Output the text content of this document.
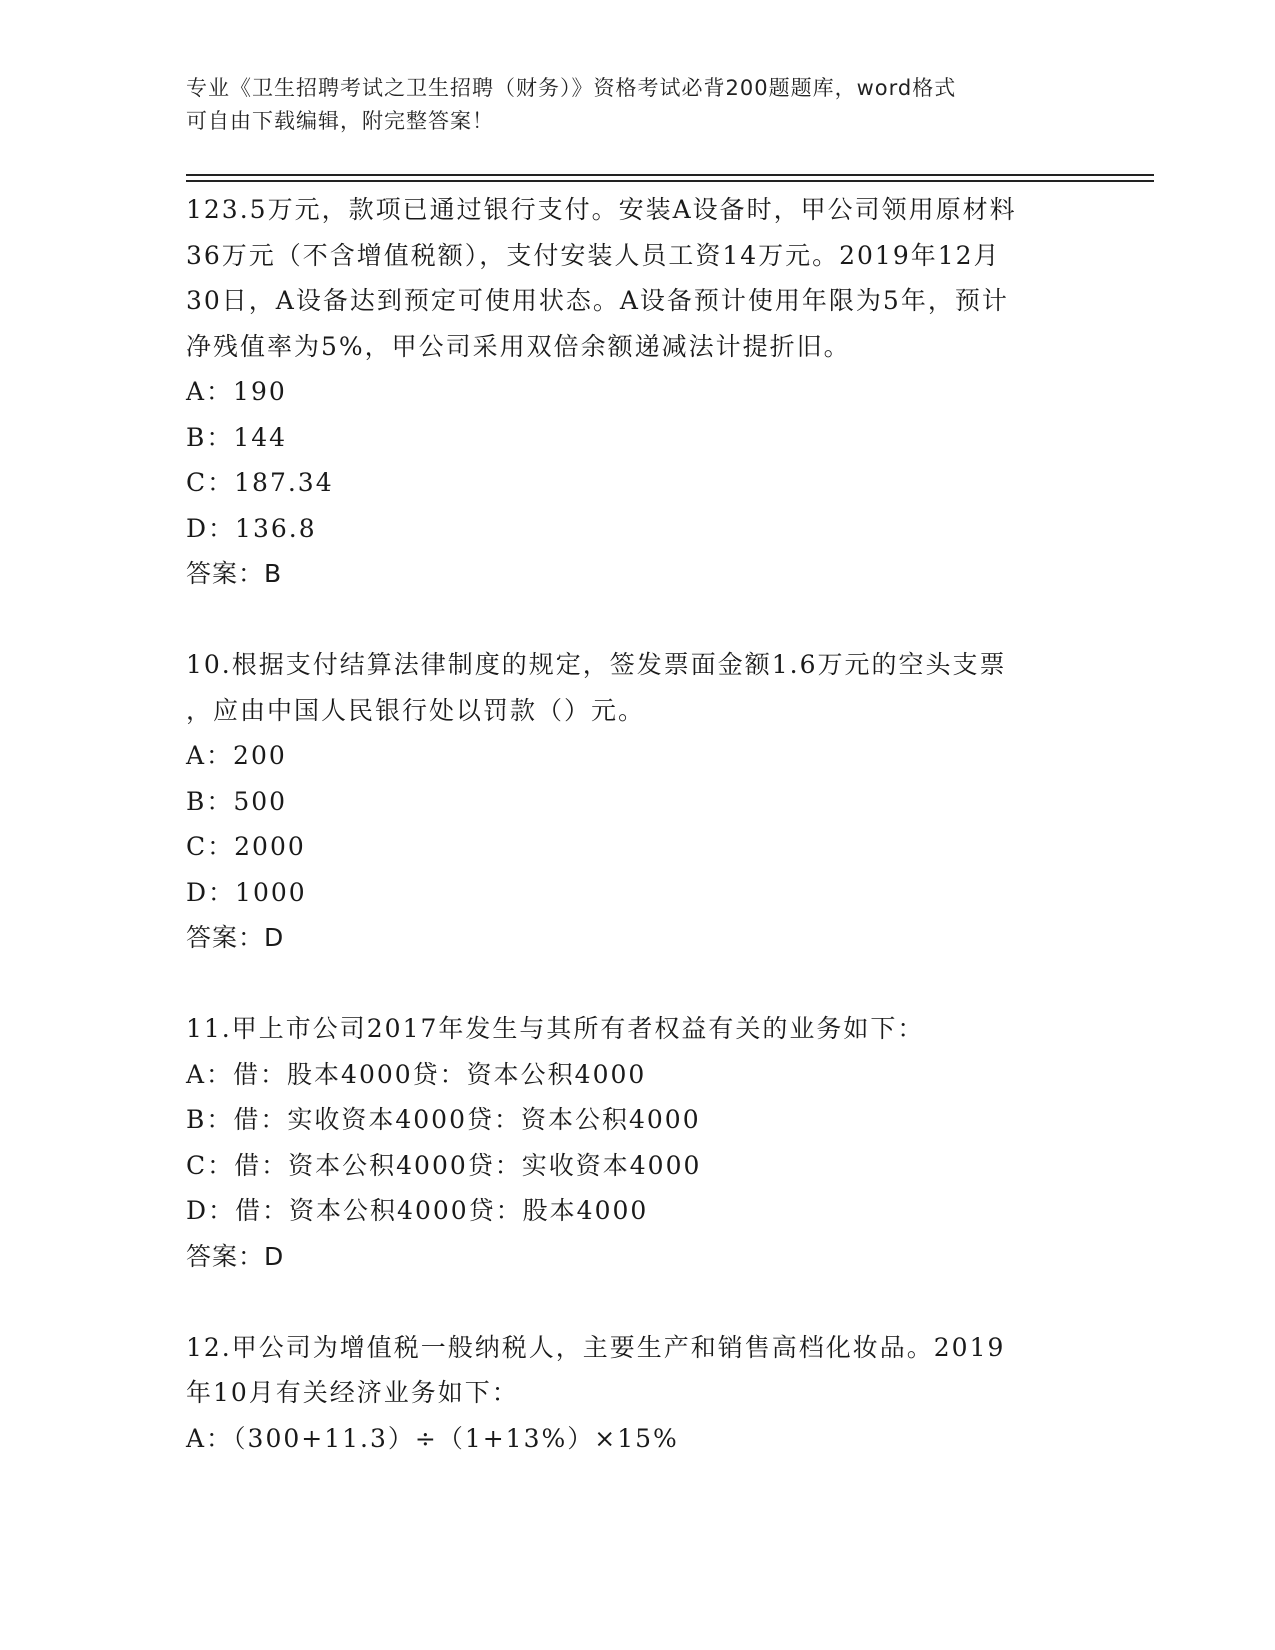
专业《卫生招聘考试之卫生招聘（财务）》资格考试必背200题题库，word格式
可自由下载编辑，附完整答案！
123.5万元，款项已通过银行支付。安装A设备时，甲公司领用原材料
36万元（不含增值税额），支付安装人员工资14万元。2019年12月
30日，A设备达到预定可使用状态。A设备预计使用年限为5年，预计
净残值率为5%，甲公司采用双倍余额递减法计提折旧。
A：190
B：144
C：187.34
D：136.8
答案：B
10.根据支付结算法律制度的规定，签发票面金额1.6万元的空头支票
，应由中国人民银行处以罚款（）元。
A：200
B：500
C：2000
D：1000
答案：D
11.甲上市公司2017年发生与其所有者权益有关的业务如下：
A：借：股本4000贷：资本公积4000
B：借：实收资本4000贷：资本公积4000
C：借：资本公积4000贷：实收资本4000
D：借：资本公积4000贷：股本4000
答案：D
12.甲公司为增值税一般纳税人，主要生产和销售高档化妆品。2019
年10月有关经济业务如下：
A：（300+11.3）÷（1+13%）×15%
